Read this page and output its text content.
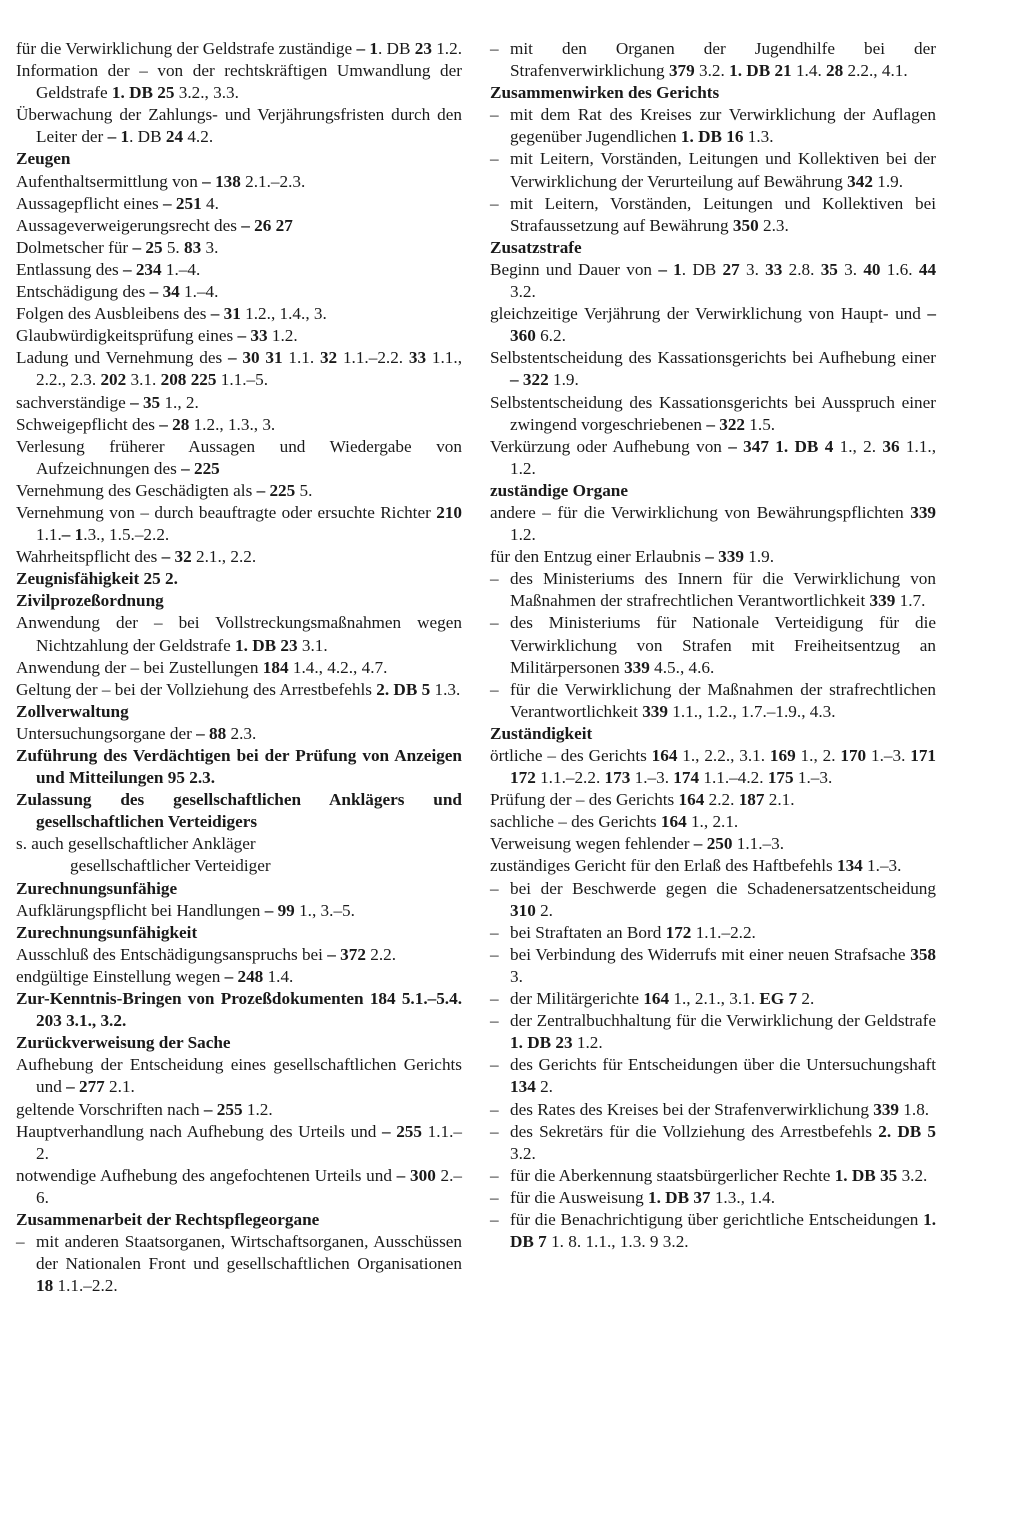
für die Verwirklichung der Geldstrafe zuständige – 1. DB 23 1.2.

Information der – von der rechtskräftigen Umwandlung der Geldstrafe 1. DB 25 3.2., 3.3.

Überwachung der Zahlungs- und Verjährungsfristen durch den Leiter der – 1. DB 24 4.2.

Zeugen

Aufenthaltsermittlung von – 138 2.1.–2.3.

Aussagepflicht eines – 251 4.

Aussageverweigerungsrecht des – 26 27

Dolmetscher für – 25 5. 83 3.

Entlassung des – 234 1.–4.

Entschädigung des – 34 1.–4.

Folgen des Ausbleibens des – 31 1.2., 1.4., 3.

Glaubwürdigkeitsprüfung eines – 33 1.2.

Ladung und Vernehmung des – 30 31 1.1. 32 1.1.–2.2. 33 1.1., 2.2., 2.3. 202 3.1. 208 225 1.1.–5.

sachverständige – 35 1., 2.

Schweigepflicht des – 28 1.2., 1.3., 3.

Verlesung früherer Aussagen und Wiedergabe von Aufzeichnungen des – 225

Vernehmung des Geschädigten als – 225 5.

Vernehmung von – durch beauftragte oder ersuchte Richter 210 1.1.– 1.3., 1.5.–2.2.

Wahrheitspflicht des – 32 2.1., 2.2.

Zeugnisfähigkeit 25 2.

Zivilprozeßordnung

Anwendung der – bei Vollstreckungsmaßnahmen wegen Nichtzahlung der Geldstrafe 1. DB 23 3.1.

Anwendung der – bei Zustellungen 184 1.4., 4.2., 4.7.

Geltung der – bei der Vollziehung des Arrestbefehls 2. DB 5 1.3.

Zollverwaltung

Untersuchungsorgane der – 88 2.3.

Zuführung des Verdächtigen bei der Prüfung von Anzeigen und Mitteilungen 95 2.3.

Zulassung des gesellschaftlichen Anklägers und gesellschaftlichen Verteidigers

s. auch gesellschaftlicher Ankläger

gesellschaftlicher Verteidiger

Zurechnungsunfähige

Aufklärungspflicht bei Handlungen – 99 1., 3.–5.

Zurechnungsunfähigkeit

Ausschluß des Entschädigungsanspruchs bei – 372 2.2.

endgültige Einstellung wegen – 248 1.4.

Zur-Kenntnis-Bringen von Prozeßdokumenten 184 5.1.–5.4. 203 3.1., 3.2.

Zurückverweisung der Sache

Aufhebung der Entscheidung eines gesellschaftlichen Gerichts und – 277 2.1.

geltende Vorschriften nach – 255 1.2.

Hauptverhandlung nach Aufhebung des Urteils und – 255 1.1.–2.

notwendige Aufhebung des angefochtenen Urteils und – 300 2.–6.

Zusammenarbeit der Rechtspflegeorgane

– mit anderen Staatsorganen, Wirtschaftsorganen, Ausschüssen der Nationalen Front und gesellschaftlichen Organisationen 18 1.1.–2.2.

– mit den Organen der Jugendhilfe bei der Strafenverwirklichung 379 3.2. 1. DB 21 1.4. 28 2.2., 4.1.

Zusammenwirken des Gerichts

– mit dem Rat des Kreises zur Verwirklichung der Auflagen gegenüber Jugendlichen 1. DB 16 1.3.

– mit Leitern, Vorständen, Leitungen und Kollektiven bei der Verwirklichung der Verurteilung auf Bewährung 342 1.9.

– mit Leitern, Vorständen, Leitungen und Kollektiven bei Strafaussetzung auf Bewährung 350 2.3.

Zusatzstrafe

Beginn und Dauer von – 1. DB 27 3. 33 2.8. 35 3. 40 1.6. 44 3.2.

gleichzeitige Verjährung der Verwirklichung von Haupt- und – 360 6.2.

Selbstentscheidung des Kassationsgerichts bei Aufhebung einer – 322 1.9.

Selbstentscheidung des Kassationsgerichts bei Ausspruch einer zwingend vorgeschriebenen – 322 1.5.

Verkürzung oder Aufhebung von – 347 1. DB 4 1., 2. 36 1.1., 1.2.

zuständige Organe

andere – für die Verwirklichung von Bewährungspflichten 339 1.2.

für den Entzug einer Erlaubnis – 339 1.9.

– des Ministeriums des Innern für die Verwirklichung von Maßnahmen der strafrechtlichen Verantwortlichkeit 339 1.7.

– des Ministeriums für Nationale Verteidigung für die Verwirklichung von Strafen mit Freiheitsentzug an Militärpersonen 339 4.5., 4.6.

– für die Verwirklichung der Maßnahmen der strafrechtlichen Verantwortlichkeit 339 1.1., 1.2., 1.7.–1.9., 4.3.

Zuständigkeit

örtliche – des Gerichts 164 1., 2.2., 3.1. 169 1., 2. 170 1.–3. 171 172 1.1.–2.2. 173 1.–3. 174 1.1.–4.2. 175 1.–3.

Prüfung der – des Gerichts 164 2.2. 187 2.1.

sachliche – des Gerichts 164 1., 2.1.

Verweisung wegen fehlender – 250 1.1.–3.

zuständiges Gericht für den Erlaß des Haftbefehls 134 1.–3.

– bei der Beschwerde gegen die Schadenersatzentscheidung 310 2.

– bei Straftaten an Bord 172 1.1.–2.2.

– bei Verbindung des Widerrufs mit einer neuen Strafsache 358 3.

– der Militärgerichte 164 1., 2.1., 3.1. EG 7 2.

– der Zentralbuchhaltung für die Verwirklichung der Geldstrafe 1. DB 23 1.2.

– des Gerichts für Entscheidungen über die Untersuchungshaft 134 2.

– des Rates des Kreises bei der Strafenverwirklichung 339 1.8.

– des Sekretärs für die Vollziehung des Arrestbefehls 2. DB 5 3.2.

– für die Aberkennung staatsbürgerlicher Rechte 1. DB 35 3.2.

– für die Ausweisung 1. DB 37 1.3., 1.4.

– für die Benachrichtigung über gerichtliche Entscheidungen 1. DB 7 1. 8. 1.1., 1.3. 9 3.2.
